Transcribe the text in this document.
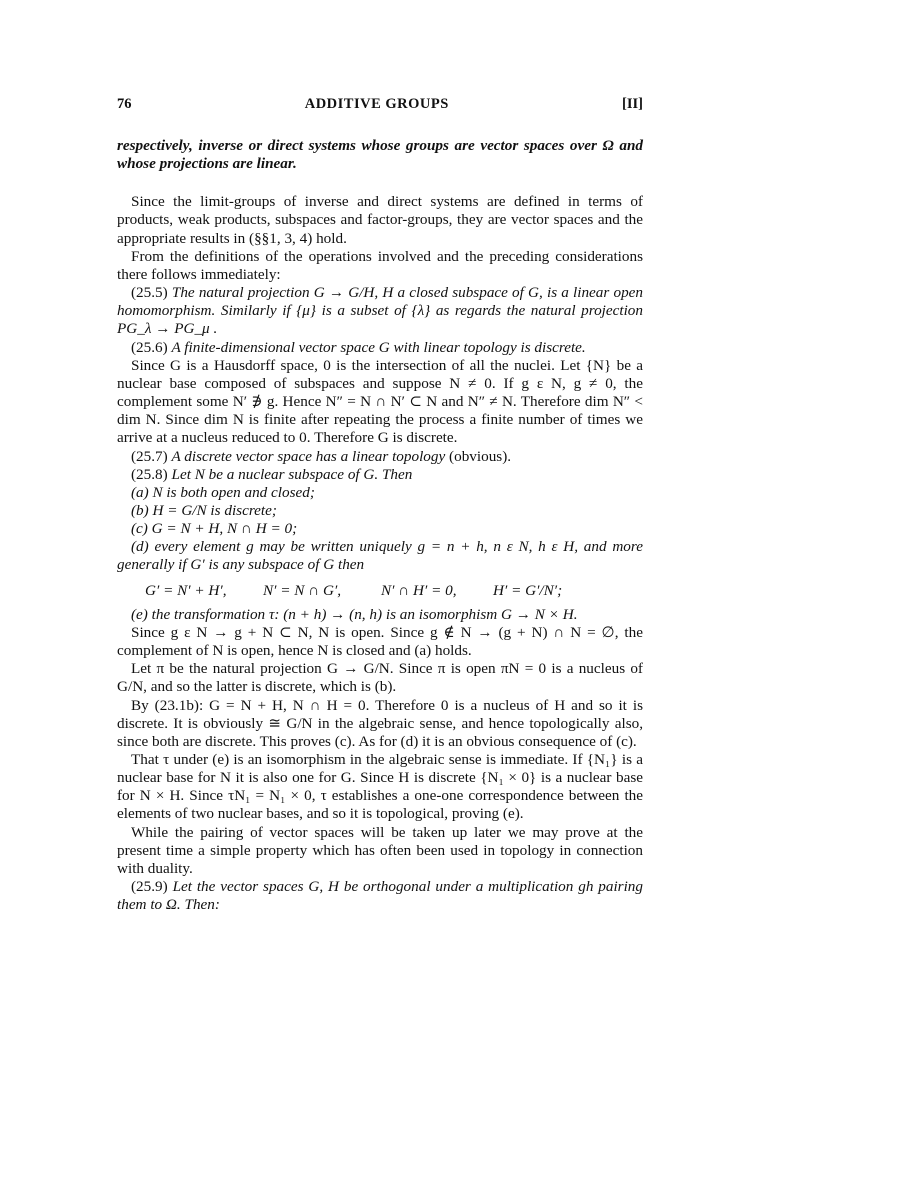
76	ADDITIVE GROUPS	[II]

respectively, inverse or direct systems whose groups are vector spaces over Ω and whose projections are linear.

Since the limit-groups of inverse and direct systems are defined in terms of products, weak products, subspaces and factor-groups, they are vector spaces and the appropriate results in (§§1, 3, 4) hold.

From the definitions of the operations involved and the preceding considerations there follows immediately:

(25.5) The natural projection G → G/H, H a closed subspace of G, is a linear open homomorphism. Similarly if {μ} is a subset of {λ} as regards the natural projection PG_λ → PG_μ .

(25.6) A finite-dimensional vector space G with linear topology is discrete.

Since G is a Hausdorff space, 0 is the intersection of all the nuclei. Let {N} be a nuclear base composed of subspaces and suppose N ≠ 0. If g ε N, g ≠ 0, the complement some N′ ∌ g. Hence N″ = N ∩ N′ ⊂ N and N″ ≠ N. Therefore dim N″ < dim N. Since dim N is finite after repeating the process a finite number of times we arrive at a nucleus reduced to 0. Therefore G is discrete.

(25.7) A discrete vector space has a linear topology (obvious).

(25.8) Let N be a nuclear subspace of G. Then

(a) N is both open and closed;

(b) H = G/N is discrete;

(c) G = N + H, N ∩ H = 0;

(d) every element g may be written uniquely g = n + h, n ε N, h ε H, and more generally if G′ is any subspace of G then

G′ = N′ + H′, N′ = N ∩ G′,	N′ ∩ H′ = 0, H′ = G′/N′;

(e) the transformation τ: (n + h) → (n, h) is an isomorphism G → N × H.

Since g ε N → g + N ⊂ N, N is open. Since g ∉ N → (g + N) ∩ N = ∅, the complement of N is open, hence N is closed and (a) holds.

Let π be the natural projection G → G/N. Since π is open πN = 0 is a nucleus of G/N, and so the latter is discrete, which is (b).

By (23.1b): G = N + H, N ∩ H = 0. Therefore 0 is a nucleus of H and so it is discrete. It is obviously ≅ G/N in the algebraic sense, and hence topologically also, since both are discrete. This proves (c). As for (d) it is an obvious consequence of (c).

That τ under (e) is an isomorphism in the algebraic sense is immediate. If {N₁} is a nuclear base for N it is also one for G. Since H is discrete {N₁ × 0} is a nuclear base for N × H. Since τN₁ = N₁ × 0, τ establishes a one-one correspondence between the elements of two nuclear bases, and so it is topological, proving (e).

While the pairing of vector spaces will be taken up later we may prove at the present time a simple property which has often been used in topology in connection with duality.

(25.9) Let the vector spaces G, H be orthogonal under a multiplication gh pairing them to Ω. Then:
